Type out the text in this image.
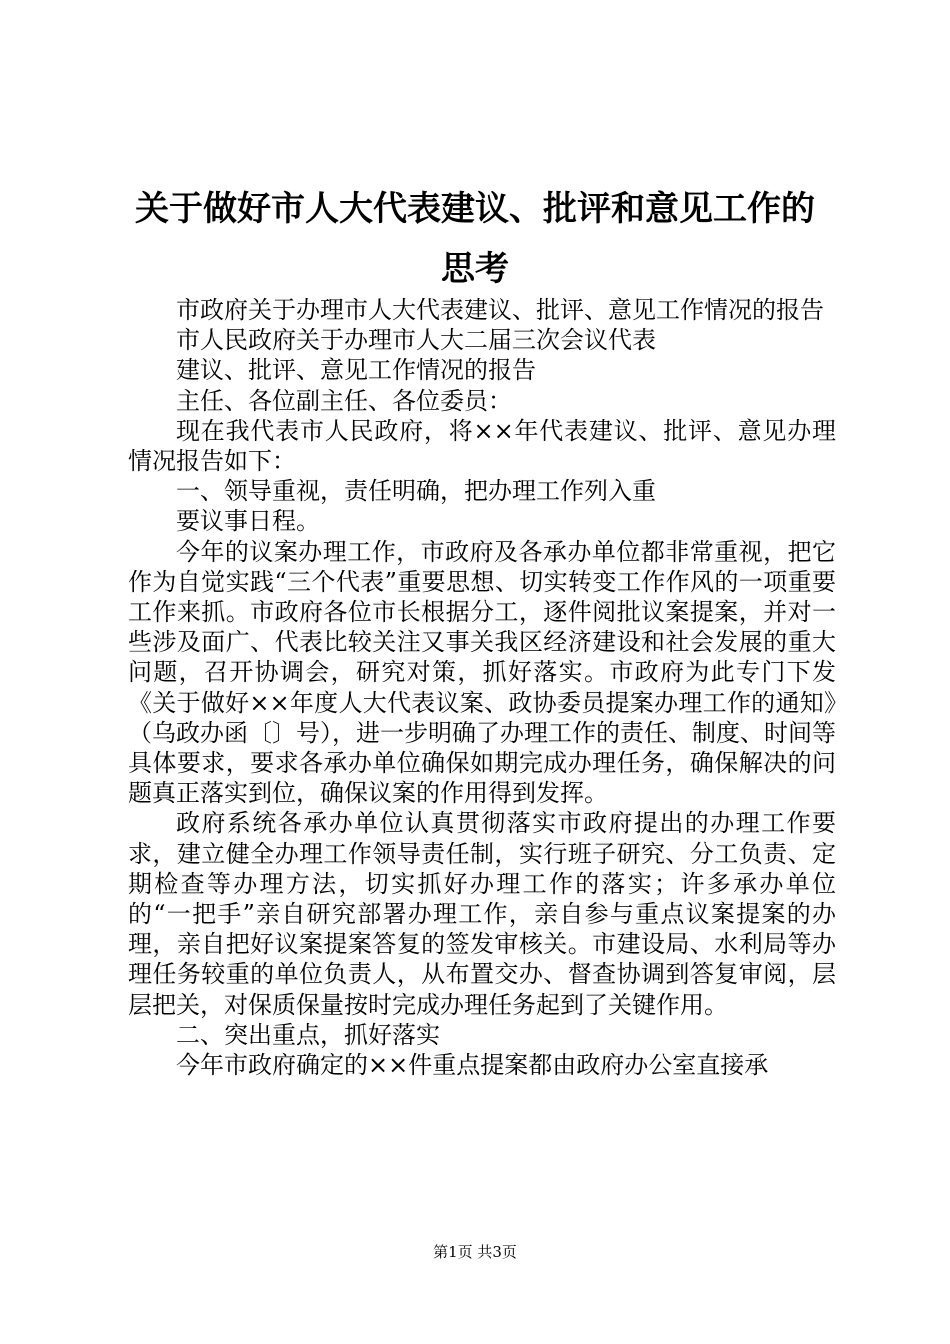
关于做好市人大代表建议、批评和意见工作的
思考

市政府关于办理市人大代表建议、批评、意见工作情况的报告

市人民政府关于办理市人大二届三次会议代表

建议、批评、意见工作情况的报告

主任、各位副主任、各位委员：

现在我代表市人民政府，将××年代表建议、批评、意见办理情况报告如下：

一、领导重视，责任明确，把办理工作列入重

要议事日程。

今年的议案办理工作，市政府及各承办单位都非常重视，把它作为自觉实践“三个代表”重要思想、切实转变工作作风的一项重要工作来抓。市政府各位市长根据分工，逐件阅批议案提案，并对一些涉及面广、代表比较关注又事关我区经济建设和社会发展的重大问题，召开协调会，研究对策，抓好落实。市政府为此专门下发《关于做好××年度人大代表议案、政协委员提案办理工作的通知》（乌政办函〔〕号），进一步明确了办理工作的责任、制度、时间等具体要求，要求各承办单位确保如期完成办理任务，确保解决的问题真正落实到位，确保议案的作用得到发挥。

政府系统各承办单位认真贯彻落实市政府提出的办理工作要求，建立健全办理工作领导责任制，实行班子研究、分工负责、定期检查等办理方法，切实抓好办理工作的落实；许多承办单位的“一把手”亲自研究部署办理工作，亲自参与重点议案提案的办理，亲自把好议案提案答复的签发审核关。市建设局、水利局等办理任务较重的单位负责人，从布置交办、督查协调到答复审阅，层层把关，对保质保量按时完成办理任务起到了关键作用。

二、突出重点，抓好落实

今年市政府确定的××件重点提案都由政府办公室直接承

第1页 共3页
